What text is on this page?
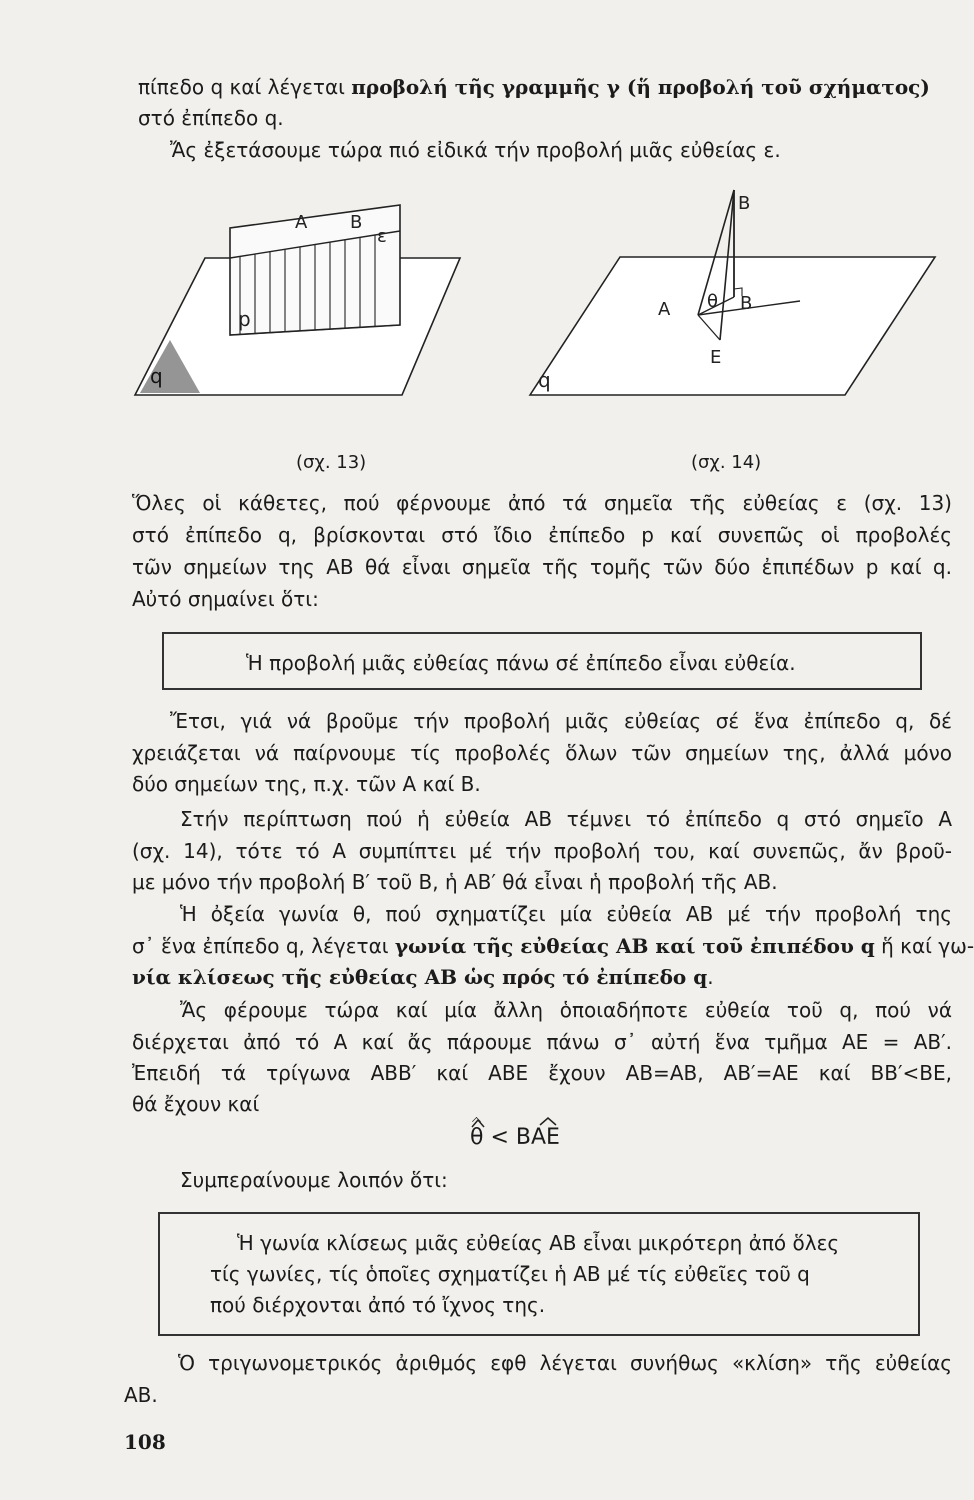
πίπεδο q καί λέγεται προβολή τῆς γραμμῆς γ (ἥ προβολή τοῦ σχήματος)
στό ἐπίπεδο q.
Ἄς ἐξετάσουμε τώρα πιό εἰδικά τήν προβολή μιᾶς εὐθείας ε.
A B
ε
p
q
(σχ. 13)
B
B
A θ
E
q
(σχ. 14)
Ὅλες οἱ κάθετες, πού φέρνουμε ἀπό τά σημεῖα τῆς εὐθείας ε (σχ. 13)
στό ἐπίπεδο q, βρίσκονται στό ἴδιο ἐπίπεδο p καί συνεπῶς οἱ προβολές
τῶν σημείων της ΑΒ θά εἶναι σημεῖα τῆς τομῆς τῶν δύο ἐπιπέδων p καί q.
Αὐτό σημαίνει ὅτι:
Ἡ προβολή μιᾶς εὐθείας πάνω σέ ἐπίπεδο εἶναι εὐθεία.
Ἔτσι, γιά νά βροῦμε τήν προβολή μιᾶς εὐθείας σέ ἕνα ἐπίπεδο q, δέ
χρειάζεται νά παίρνουμε τίς προβολές ὅλων τῶν σημείων της, ἀλλά μόνο
δύο σημείων της, π.χ. τῶν Α καί Β.
Στήν περίπτωση πού ἡ εὐθεία ΑΒ τέμνει τό ἐπίπεδο q στό σημεῖο Α
(σχ. 14), τότε τό Α συμπίπτει μέ τήν προβολή του, καί συνεπῶς, ἄν βροῦ-
με μόνο τήν προβολή Β′ τοῦ Β, ἡ ΑΒ′ θά εἶναι ἡ προβολή τῆς ΑΒ.
Ἡ ὀξεία γωνία θ, πού σχηματίζει μία εὐθεία ΑΒ μέ τήν προβολή της
σ᾽ ἕνα ἐπίπεδο q, λέγεται γωνία τῆς εὐθείας ΑΒ καί τοῦ ἐπιπέδου q ἥ καί γω-
νία κλίσεως τῆς εὐθείας ΑΒ ὡς πρός τό ἐπίπεδο q.
Ἄς φέρουμε τώρα καί μία ἄλλη ὁποιαδήποτε εὐθεία τοῦ q, πού νά
διέρχεται ἀπό τό Α καί ἄς πάρουμε πάνω σ᾽ αὐτή ἕνα τμῆμα ΑΕ = ΑΒ′.
Ἐπειδή τά τρίγωνα ΑΒΒ′ καί ΑΒΕ ἔχουν ΑΒ=ΑΒ, ΑΒ′=ΑΕ καί ΒΒ′<ΒΕ,
θά ἔχουν καί
θ < ΒΑΕ
Συμπεραίνουμε λοιπόν ὅτι:
Ἡ γωνία κλίσεως μιᾶς εὐθείας ΑΒ εἶναι μικρότερη ἀπό ὅλες
τίς γωνίες, τίς ὁποῖες σχηματίζει ἡ ΑΒ μέ τίς εὐθεῖες τοῦ q
πού διέρχονται ἀπό τό ἴχνος της.
Ὁ τριγωνομετρικός ἀριθμός εφθ λέγεται συνήθως «κλίση» τῆς εὐθείας
ΑΒ.
108
